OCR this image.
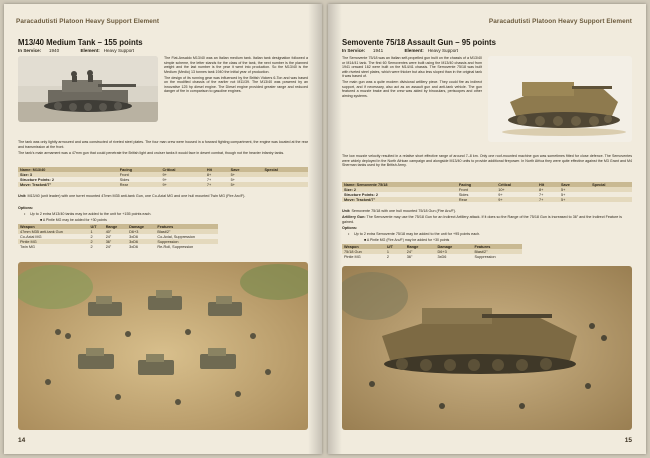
Paracadutisti Platoon Heavy Support Element
M13/40 Medium Tank – 155 points
In Service: 1940	Element: Heavy Support

The Fiat-Ansaldo M13/40 was an Italian medium tank. Italian tank designation followed a simple scheme, the letter stands for the class of the tank, the next number is the planned weight and the last number is the year it went into production. So the M13/40 is the Medium (Medio) 13 tonnes tank 1940 the initial year of production.

The design of its running gear was influenced by the British Vickers 6-Ton and was based on the modified chassis of the earlier not M11/39. The M13/40 was powered by an innovative 125 hp diesel engine. The Diesel engine provided greater range and reduced danger of fire in comparison to gasoline engines.

The tank was only lightly armoured and was constructed of riveted steel plates. The four man crew were housed in a forward fighting compartment, the engine was located at the rear and transmission at the front.

The tank's main armament was a 47mm gun that could penetrate the British light and cruiser tanks it would face in desert combat, though not the heavier infantry tanks.

Name: M13/40	Facing	Critical	Hit	Save	Special
Size: 3	Front	9+	8+	5+	
Structure Points: 2	Sides	9+	7+	5+	
Move: Tracked/7"	Rear	9+	7+	5+	
Unit: M13/40 (unit leader) with one turret mounted 47mm M35 anti-tank Gun, one Co-Axial MG and one hull mounted Twin MG (Fire Arc/F).
Options:
• Up to 2 extra M13/40 tanks may be added to the unit for +155 points each.
■ A Pintle MG may be added for +30 points
Weapon	U/T	Range	Damage	Features
47mm M35 anti-tank Gun	1	40"	D6+3	Blast/2"
Co-Axial MG	2	24"	3xD6	Co-Axial, Suppression
Pintle MG	2	36"	3xD6	Suppression
Twin MG	2	24"	3xD6	Re-Roll, Suppression
14
Paracadutisti Platoon Heavy Support Element
Semovente 75/18 Assault Gun – 95 points
In Service: 1941	Element: Heavy Support

The Semovente 75/18 was an Italian self-propelled gun built on the chassis of a M13/40 or M14/41 tank. The first 60 Semoventes were built using the M13/40 chassis and from 1941 onward 162 were built on the M14/41 chassis. The Semovente 75/18 was built with riveted steel plates, which were thicker but also less sloped than in the original tank it was based of.

The main gun was a quite modern divisional artillery piece. They could fire as indirect support, and if necessary, also act as an assault gun and anti-tank vehicle. The gun featured a muzzle brake and the crew was aided by binoculars, periscopes and other aiming systems.

The low muzzle velocity resulted in a relative short effective range of around 7–8 km. Only one roof-mounted machine gun was sometimes fitted for close defence. The Semoventes were widely deployed in the North African campaign and alongside M13/40 units to provide additional firepower. In North Africa they were quite effective against the M3 Grant and M4 Sherman tanks used by the British Army.

Name: Semovente 75/18	Facing	Critical	Hit	Save	Special
Size: 2	Front	10+	8+	5+	
Structure Points: 2	Sides	9+	7+	5+	
Move: Tracked/7"	Rear	9+	7+	5+	
Unit: Semovente 75/18 with one hull mounted 75/18 Gun (Fire Arc/F).
Artillery Gun: The Semovente may use the 75/18 Gun for an Indirect Artillery attack. If it does so the Range of the 75/18 Gun is increased to 36" and the Indirect Feature is gained.
Options:
• Up to 2 extra Semovente 75/18 may be added to the unit for +95 points each.
■ A Pintle MG (Fire Arc/F) may be added for +30 points
Weapon	U/T	Range	Damage	Features
75/18 Gun	1	24"	D6+3	Blast/2"
Pintle MG	2	36"	3xD6	Suppression
15
